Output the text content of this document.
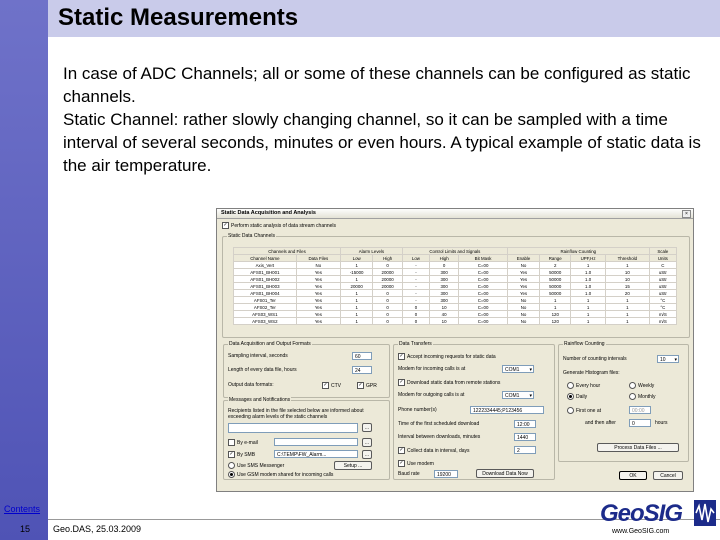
Static Measurements

In case of ADC Channels; all or some of these channels can be configured as static channels.

Static Channel: rather slowly changing channel, so it can be sampled with a time interval of several seconds, minutes or even hours. A typical example of static data is the air temperature.

Static Data Acquisition and Analysis	×
✓ Perform static analysis of data stream channels
Static Data Channels
Channels and Files		Alarm Levels		Control Limits and Signals			Rainflow Counting				Scale
Channel Name	Data Files	Low	High	Low	High	Bit Mask	Enable	Range	UPF,Hz	Threshold	Units
Axis_Vert	No	1	0	-	0	C=00	No	2	1	1	C
AFS01_BH001	Yes	-15000	20000	-	300	C=00	Yes	50000	1.0	10	uStr
AFS01_BH002	Yes	1	20000	-	300	C=00	Yes	50000	1.0	10	uStr
AFS01_BH003	Yes	20000	20000	-	300	C=00	Yes	50000	1.0	15	uStr
AFS01_BH004	Yes	1	0	-	300	C=00	Yes	50000	1.0	20	uStr
AFS01_Ter	Yes	1	0	-	300	C=00	No	1	1	1	°C
AFS02_Ter	Yes	1	0	0	10	C=00	No	1	1	1	°C
AFS03_WS1	Yes	1	0	0	40	C=00	No	120	1	1	m/S
AFS03_WS2	Yes	1	0	0	10	C=00	No	120	1	1	m/S
Data Acquisition and Output Formats
Sampling interval, seconds	60
Length of every data file, hours	24
Output data formats:	✓ CTV	✓ GPR
Messages and Notifications
Recipients listed in the file selected below are informed about exceeding alarm levels of the static channels
...
By e-mail	...
✓ By SMB	C:\TEMP\FW_Alarm...	...
Use SMS Messenger	Setup ...
Use GSM modem shared for incoming calls
Data Transfers
✓ Accept incoming requests for static data
Modem for incoming calls is at	COM1 ▾
✓ Download static data from remote stations
Modem for outgoing calls is at	COM1 ▾
Phone number(s)	1222334445;P123456
Time of the first scheduled download	12:00
Interval between downloads, minutes	1440
✓ Collect data in interval, days	2
✓ Use modem
Baud rate	19200	Download Data Now
Rainflow Counting
Number of counting intervals	10 ▾
Generate Histogram files:
Every hour	Weekly
Daily	Monthly
First one at	00:00
and then after	0	hours
Process Data Files ...
OK	Cancel
Contents
15	Geo.DAS, 25.03.2009
GeoSIG
www.GeoSIG.com
